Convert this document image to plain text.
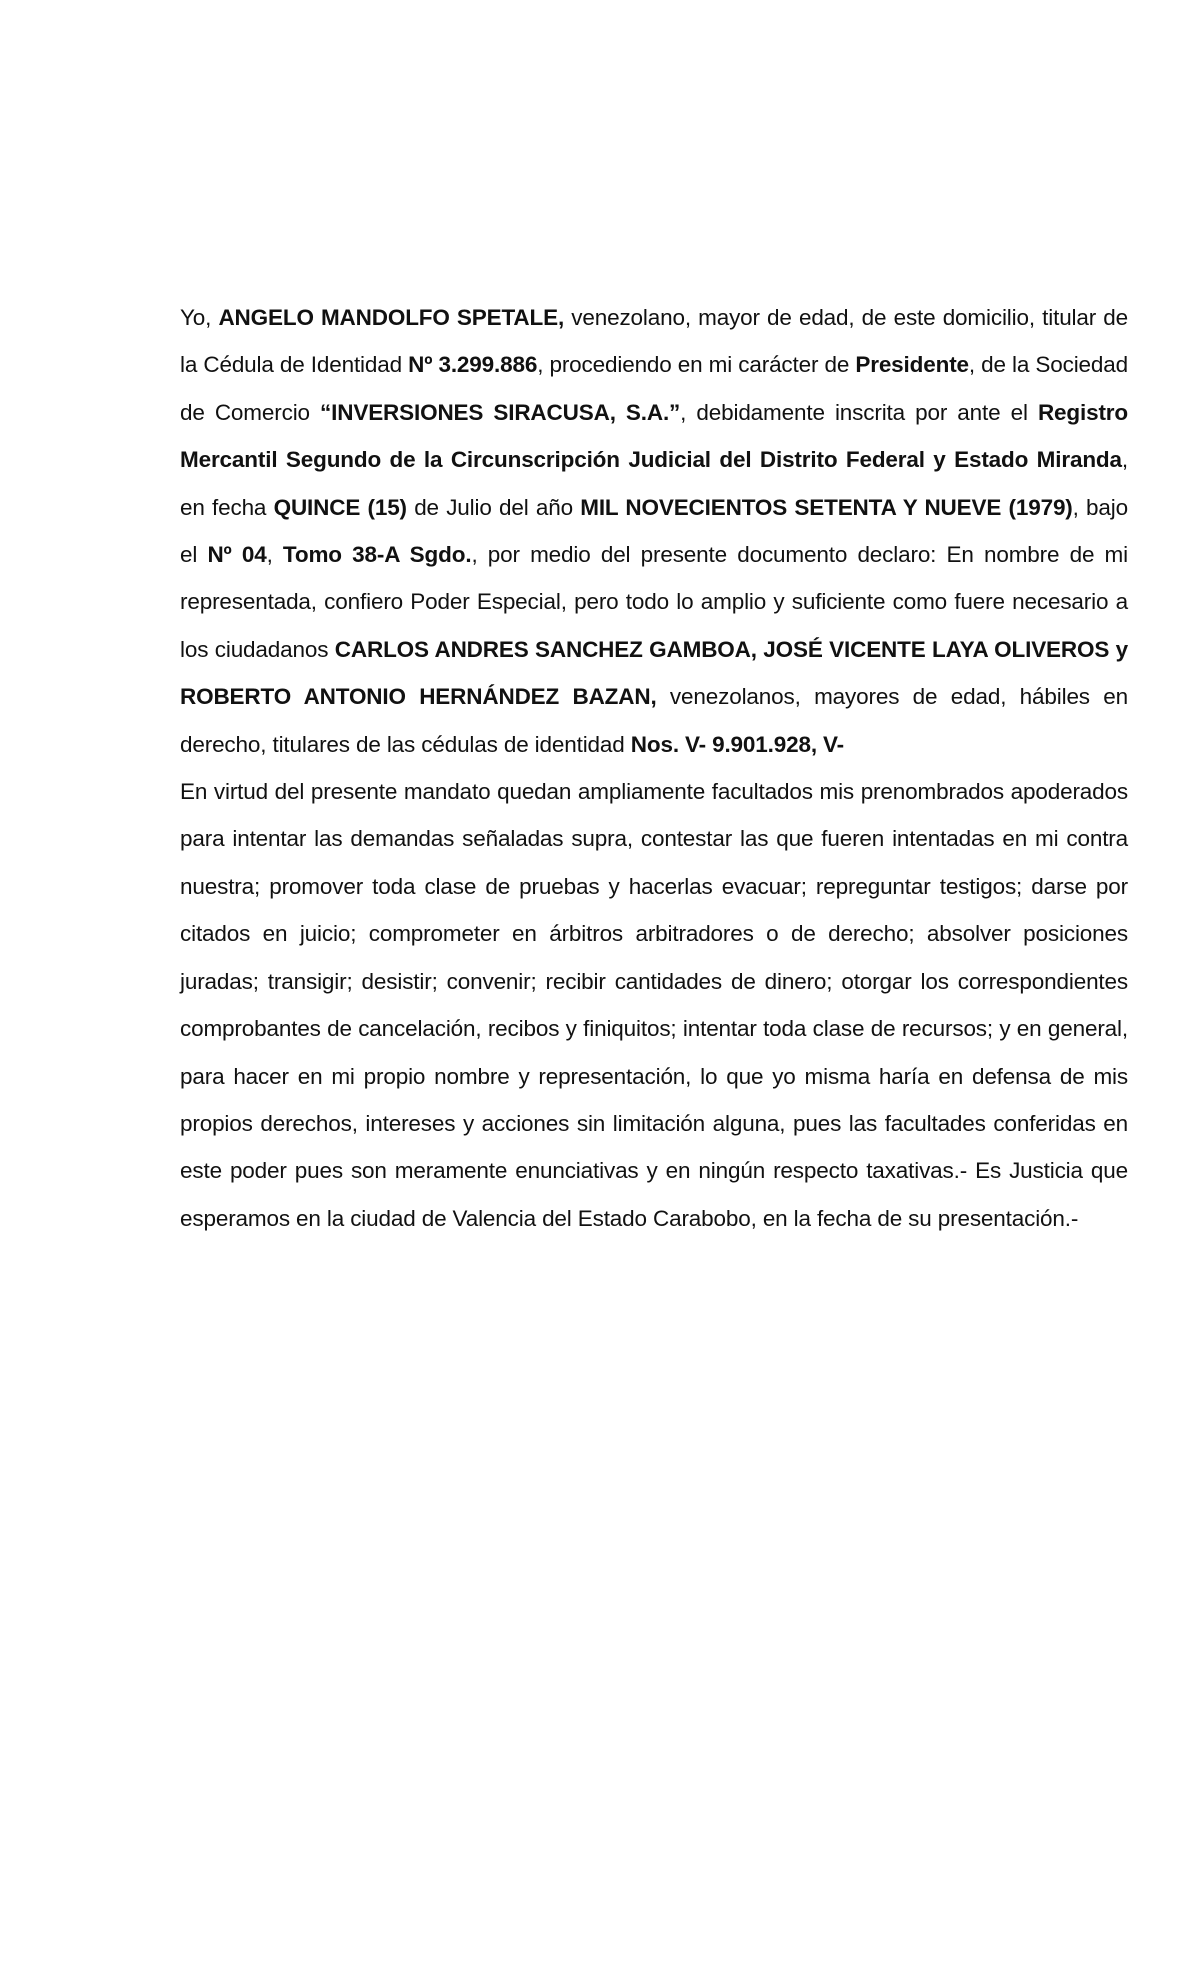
Yo, ANGELO MANDOLFO SPETALE, venezolano, mayor de edad, de este domicilio, titular de la Cédula de Identidad Nº 3.299.886, procediendo en mi carácter de Presidente, de la Sociedad de Comercio “INVERSIONES SIRACUSA, S.A.”, debidamente inscrita por ante el Registro Mercantil Segundo de la Circunscripción Judicial del Distrito Federal y Estado Miranda, en fecha QUINCE (15) de Julio del año MIL NOVECIENTOS SETENTA Y NUEVE (1979), bajo el Nº 04, Tomo 38-A Sgdo., por medio del presente documento declaro: En nombre de mi representada, confiero Poder Especial, pero todo lo amplio y suficiente como fuere necesario a los ciudadanos CARLOS ANDRES SANCHEZ GAMBOA, JOSÉ VICENTE LAYA OLIVEROS y ROBERTO ANTONIO HERNÁNDEZ BAZAN, venezolanos, mayores de edad, hábiles en derecho, titulares de las cédulas de identidad Nos. V- 9.901.928, V-

En virtud del presente mandato quedan ampliamente facultados mis prenombrados apoderados para intentar las demandas señaladas supra, contestar las que fueren intentadas en mi contra nuestra; promover toda clase de pruebas y hacerlas evacuar; repreguntar testigos; darse por citados en juicio; comprometer en árbitros arbitradores o de derecho; absolver posiciones juradas; transigir; desistir; convenir; recibir cantidades de dinero; otorgar los correspondientes comprobantes de cancelación, recibos y finiquitos; intentar toda clase de recursos; y en general, para hacer en mi propio nombre y representación, lo que yo misma haría en defensa de mis propios derechos, intereses y acciones sin limitación alguna, pues las facultades conferidas en este poder pues son meramente enunciativas y en ningún respecto taxativas.- Es Justicia que esperamos en la ciudad de Valencia del Estado Carabobo, en la fecha de su presentación.-
